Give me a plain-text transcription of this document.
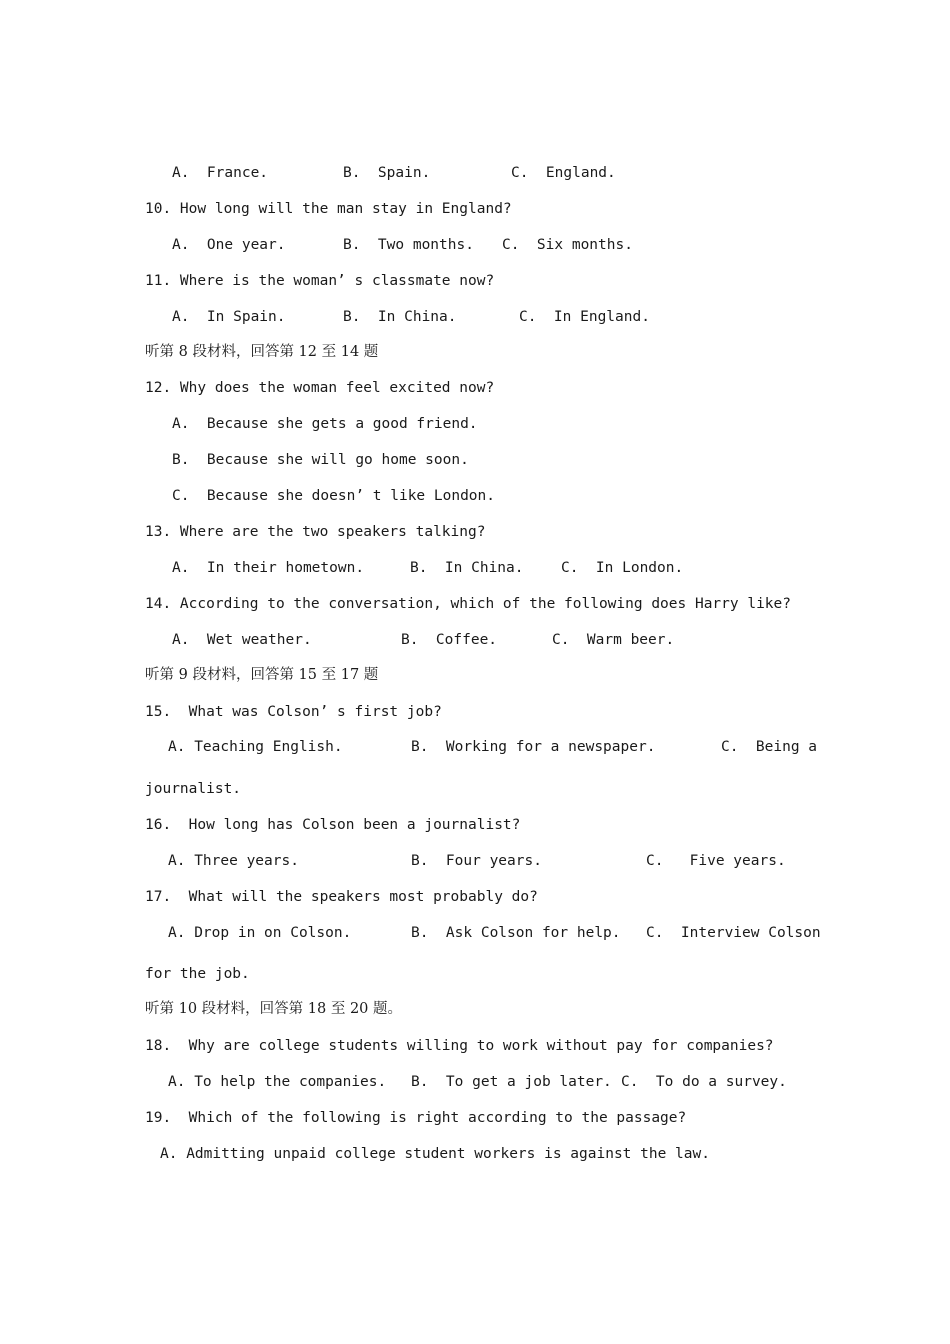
A.  France.	B.  Spain.	C.  England.
10. How long will the man stay in England?
A.  One year.	B.  Two months. C.  Six months.
11. Where is the woman’ s classmate now?
A.  In Spain.	B.  In China.	C.  In England.
听第 8 段材料，回答第 12 至 14 题
12. Why does the woman feel excited now?
A.  Because she gets a good friend.
B.  Because she will go home soon.
C.  Because she doesn’ t like London.
13. Where are the two speakers talking?
A.  In their hometown.	B.  In China.	C.  In London.
14. According to the conversation, which of the following does Harry like?
A.  Wet weather.	B.  Coffee.	C.  Warm beer.
听第 9 段材料，回答第 15 至 17 题
15.  What was Colson’ s first job?
A. Teaching English.	B.  Working for a newspaper.	C.  Being a
journalist.
16.  How long has Colson been a journalist?
A. Three years.	B.  Four years.	C.   Five years.
17.  What will the speakers most probably do?
A. Drop in on Colson.	B.  Ask Colson for help. C.  Interview Colson
for the job.
听第 10 段材料，回答第 18 至 20 题。
18.  Why are college students willing to work without pay for companies?
A. To help the companies. B.  To get a job later. C.  To do a survey.
19.  Which of the following is right according to the passage?
A. Admitting unpaid college student workers is against the law.
